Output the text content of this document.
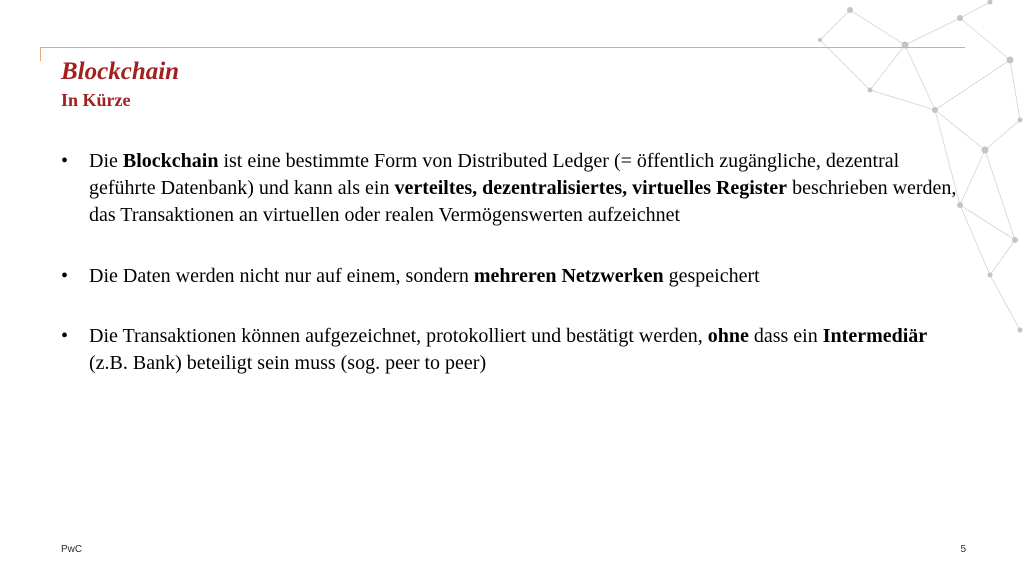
Blockchain
In Kürze
• Die Blockchain ist eine bestimmte Form von Distributed Ledger (= öffentlich zugängliche, dezentral geführte Datenbank) und kann als ein verteiltes, dezentralisiertes, virtuelles Register beschrieben werden, das Transaktionen an virtuellen oder realen Vermögenswerten aufzeichnet
• Die Daten werden nicht nur auf einem, sondern mehreren Netzwerken gespeichert
• Die Transaktionen können aufgezeichnet, protokolliert und bestätigt werden, ohne dass ein Intermediär (z.B. Bank) beteiligt sein muss (sog. peer to peer)
PwC	5
